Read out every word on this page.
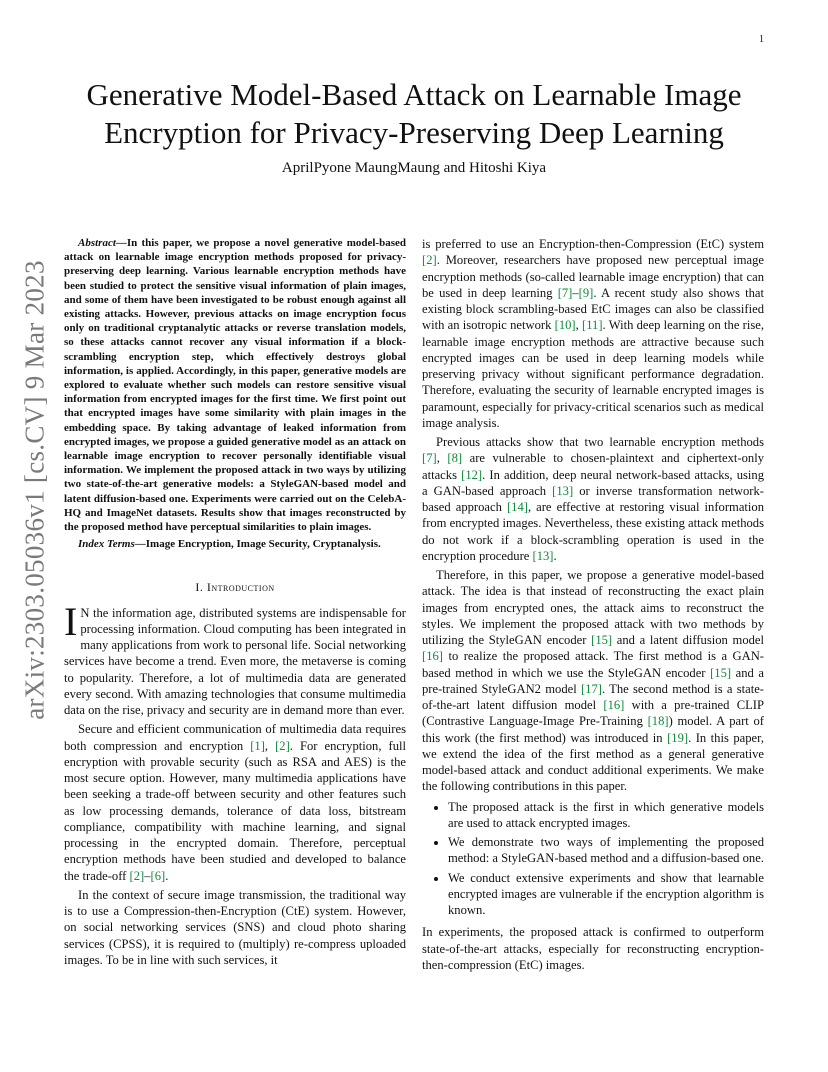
1
arXiv:2303.05036v1 [cs.CV] 9 Mar 2023
Generative Model-Based Attack on Learnable Image Encryption for Privacy-Preserving Deep Learning
AprilPyone MaungMaung and Hitoshi Kiya

Abstract—In this paper, we propose a novel generative model-based attack on learnable image encryption methods proposed for privacy-preserving deep learning. Various learnable encryption methods have been studied to protect the sensitive visual information of plain images, and some of them have been investigated to be robust enough against all existing attacks. However, previous attacks on image encryption focus only on traditional cryptanalytic attacks or reverse translation models, so these attacks cannot recover any visual information if a block-scrambling encryption step, which effectively destroys global information, is applied. Accordingly, in this paper, generative models are explored to evaluate whether such models can restore sensitive visual information from encrypted images for the first time. We first point out that encrypted images have some similarity with plain images in the embedding space. By taking advantage of leaked information from encrypted images, we propose a guided generative model as an attack on learnable image encryption to recover personally identifiable visual information. We implement the proposed attack in two ways by utilizing two state-of-the-art generative models: a StyleGAN-based model and latent diffusion-based one. Experiments were carried out on the CelebA-HQ and ImageNet datasets. Results show that images reconstructed by the proposed method have perceptual similarities to plain images.

Index Terms—Image Encryption, Image Security, Cryptanalysis.

I. Introduction

I N the information age, distributed systems are indispensable for processing information. Cloud computing has been integrated in many applications from work to personal life. Social networking services have become a trend. Even more, the metaverse is coming to popularity. Therefore, a lot of multimedia data are generated every second. With amazing technologies that consume multimedia data on the rise, privacy and security are in demand more than ever.

Secure and efficient communication of multimedia data requires both compression and encryption [1], [2]. For encryption, full encryption with provable security (such as RSA and AES) is the most secure option. However, many multimedia applications have been seeking a trade-off between security and other features such as low processing demands, tolerance of data loss, bitstream compliance, compatibility with machine learning, and signal processing in the encrypted domain. Therefore, perceptual encryption methods have been studied and developed to balance the trade-off [2]–[6].

In the context of secure image transmission, the traditional way is to use a Compression-then-Encryption (CtE) system. However, on social networking services (SNS) and cloud photo sharing services (CPSS), it is required to (multiply) re-compress uploaded images. To be in line with such services, it

is preferred to use an Encryption-then-Compression (EtC) system [2]. Moreover, researchers have proposed new perceptual image encryption methods (so-called learnable image encryption) that can be used in deep learning [7]–[9]. A recent study also shows that existing block scrambling-based EtC images can also be classified with an isotropic network [10], [11]. With deep learning on the rise, learnable image encryption methods are attractive because such encrypted images can be used in deep learning models while preserving privacy without significant performance degradation. Therefore, evaluating the security of learnable encrypted images is paramount, especially for privacy-critical scenarios such as medical image analysis.

Previous attacks show that two learnable encryption methods [7], [8] are vulnerable to chosen-plaintext and ciphertext-only attacks [12]. In addition, deep neural network-based attacks, using a GAN-based approach [13] or inverse transformation network-based approach [14], are effective at restoring visual information from encrypted images. Nevertheless, these existing attack methods do not work if a block-scrambling operation is used in the encryption procedure [13].

Therefore, in this paper, we propose a generative model-based attack. The idea is that instead of reconstructing the exact plain images from encrypted ones, the attack aims to reconstruct the styles. We implement the proposed attack with two methods by utilizing the StyleGAN encoder [15] and a latent diffusion model [16] to realize the proposed attack. The first method is a GAN-based method in which we use the StyleGAN encoder [15] and a pre-trained StyleGAN2 model [17]. The second method is a state-of-the-art latent diffusion model [16] with a pre-trained CLIP (Contrastive Language-Image Pre-Training [18]) model. A part of this work (the first method) was introduced in [19]. In this paper, we extend the idea of the first method as a general generative model-based attack and conduct additional experiments. We make the following contributions in this paper.

• The proposed attack is the first in which generative models are used to attack encrypted images.
• We demonstrate two ways of implementing the proposed method: a StyleGAN-based method and a diffusion-based one.
• We conduct extensive experiments and show that learnable encrypted images are vulnerable if the encryption algorithm is known.

In experiments, the proposed attack is confirmed to outperform state-of-the-art attacks, especially for reconstructing encryption-then-compression (EtC) images.
